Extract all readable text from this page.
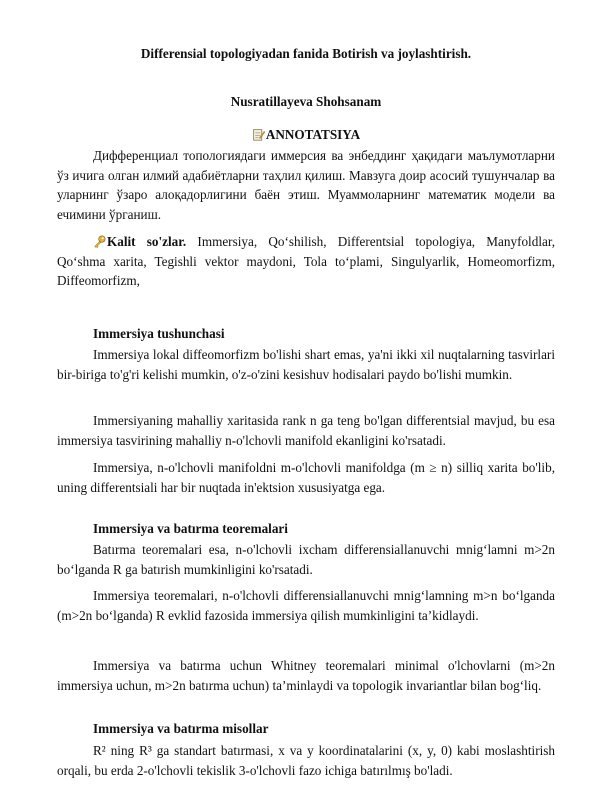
Differensial topologiyadan fanida Botirish va joylashtirish.
Nusratillayeva Shohsanam
ANNOTATSIYA

Дифференциал топологиядаги иммерсия ва энбеддинг ҳақидаги маълумотларни ўз ичига олган илмий адабиётларни таҳлил қилиш. Мавзуга доир асосий тушунчалар ва уларнинг ўзаро алоқадорлигини баён этиш. Муаммоларнинг математик модели ва ечимини ўрганиш.

Kalit so'zlar. Immersiya, Qo‘shilish, Differentsial topologiya, Manyfoldlar, Qo‘shma xarita, Tegishli vektor maydoni, Tola to‘plami, Singulyarlik, Homeomorfizm, Diffeomorfizm,

Immersiya tushunchasi

Immersiya lokal diffeomorfizm bo'lishi shart emas, ya'ni ikki xil nuqtalarning tasvirlari bir-biriga to'g'ri kelishi mumkin, o'z-o'zini kesishuv hodisalari paydo bo'lishi mumkin.

Immersiyaning mahalliy xaritasida rank n ga teng bo'lgan differentsial mavjud, bu esa immersiya tasvirining mahalliy n-o'lchovli manifold ekanligini ko'rsatadi.

Immersiya, n-o'lchovli manifoldni m-o'lchovli manifoldga (m ≥ n) silliq xarita bo'lib, uning differentsiali har bir nuqtada in'ektsion xususiyatga ega.

Immersiya va batırma teoremalari

Batırma teoremalari esa, n-o'lchovli ixcham differensiallanuvchi mnig‘lamni m>2n bo‘lganda R ga batırish mumkinligini ko'rsatadi.

Immersiya teoremalari, n-o'lchovli differensiallanuvchi mnig‘lamning m>n bo‘lganda (m>2n bo‘lganda) R evklid fazosida immersiya qilish mumkinligini ta’kidlaydi.

Immersiya va batırma uchun Whitney teoremalari minimal o'lchovlarni (m>2n immersiya uchun, m>2n batırma uchun) ta’minlaydi va topologik invariantlar bilan bog‘liq.

Immersiya va batırma misollar

R² ning R³ ga standart batırmasi, x va y koordinatalarini (x, y, 0) kabi moslashtirish orqali, bu erda 2-o'lchovli tekislik 3-o'lchovli fazo ichiga batırılmış bo'ladi.
